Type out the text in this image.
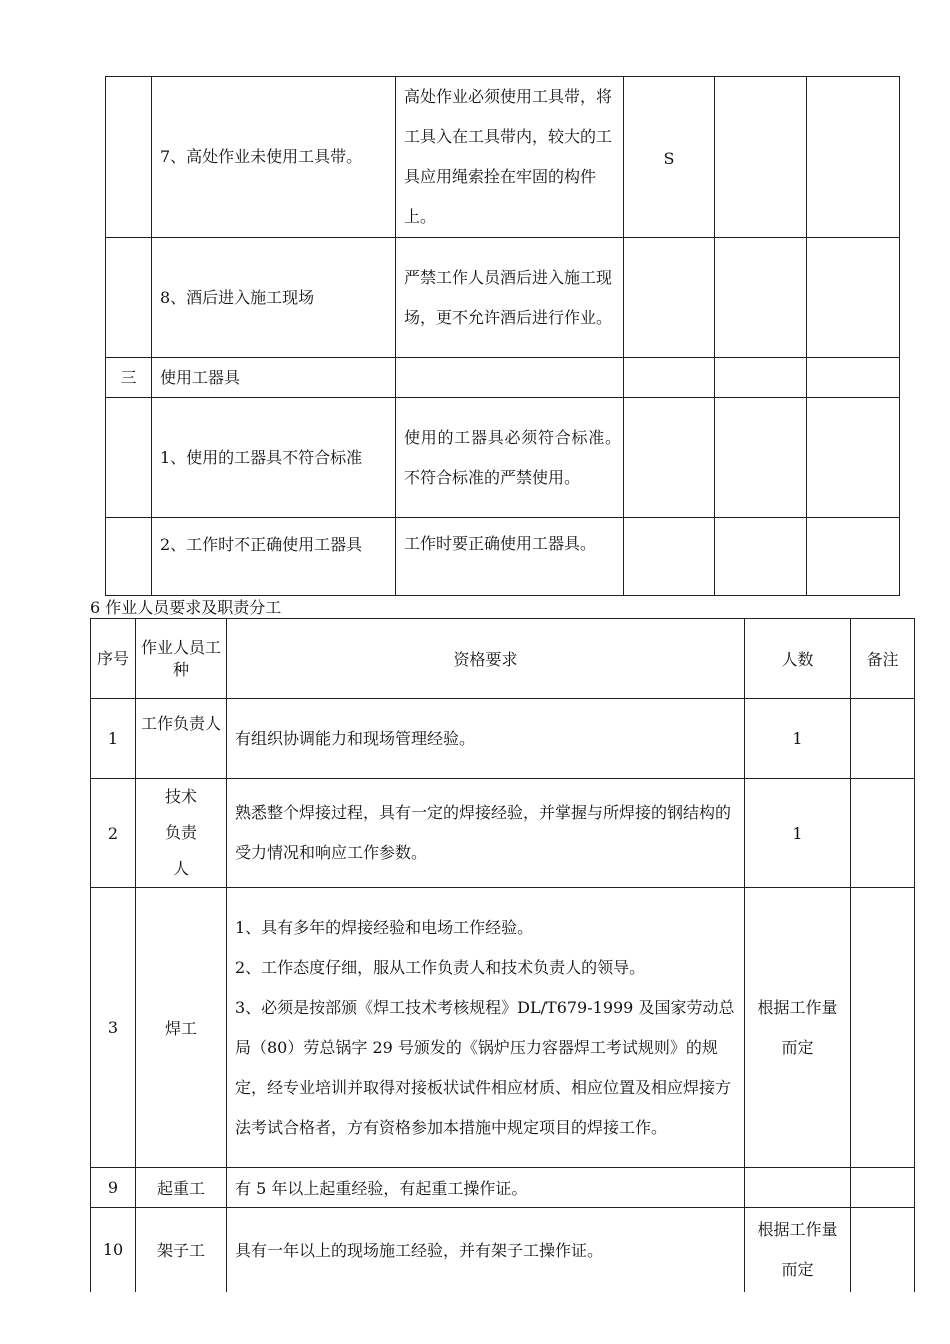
	7、高处作业未使用工具带。	高处作业必须使用工具带，将工具入在工具带内，较大的工具应用绳索拴在牢固的构件上。	S		
	8、酒后进入施工现场	严禁工作人员酒后进入施工现场，更不允许酒后进行作业。			
三	使用工器具				
	1、使用的工器具不符合标准	使用的工器具必须符合标准。不符合标准的严禁使用。			
	2、工作时不正确使用工器具	工作时要正确使用工器具。			
6 作业人员要求及职责分工
序号	作业人员工种	资格要求	人数	备注
1	工作负责人	有组织协调能力和现场管理经验。	1	
2	技术负责人	熟悉整个焊接过程，具有一定的焊接经验，并掌握与所焊接的钢结构的受力情况和响应工作参数。	1	
3	焊工	1、具有多年的焊接经验和电场工作经验。
2、工作态度仔细，服从工作负责人和技术负责人的领导。
3、必须是按部颁《焊工技术考核规程》DL/T679-1999 及国家劳动总局（80）劳总锅字 29 号颁发的《锅炉压力容器焊工考试规则》的规定，经专业培训并取得对接板状试件相应材质、相应位置及相应焊接方法考试合格者，方有资格参加本措施中规定项目的焊接工作。	根据工作量而定	
9	起重工	有 5 年以上起重经验，有起重工操作证。		

10	架子工	具有一年以上的现场施工经验，并有架子工操作证。	根据工作量而定	
